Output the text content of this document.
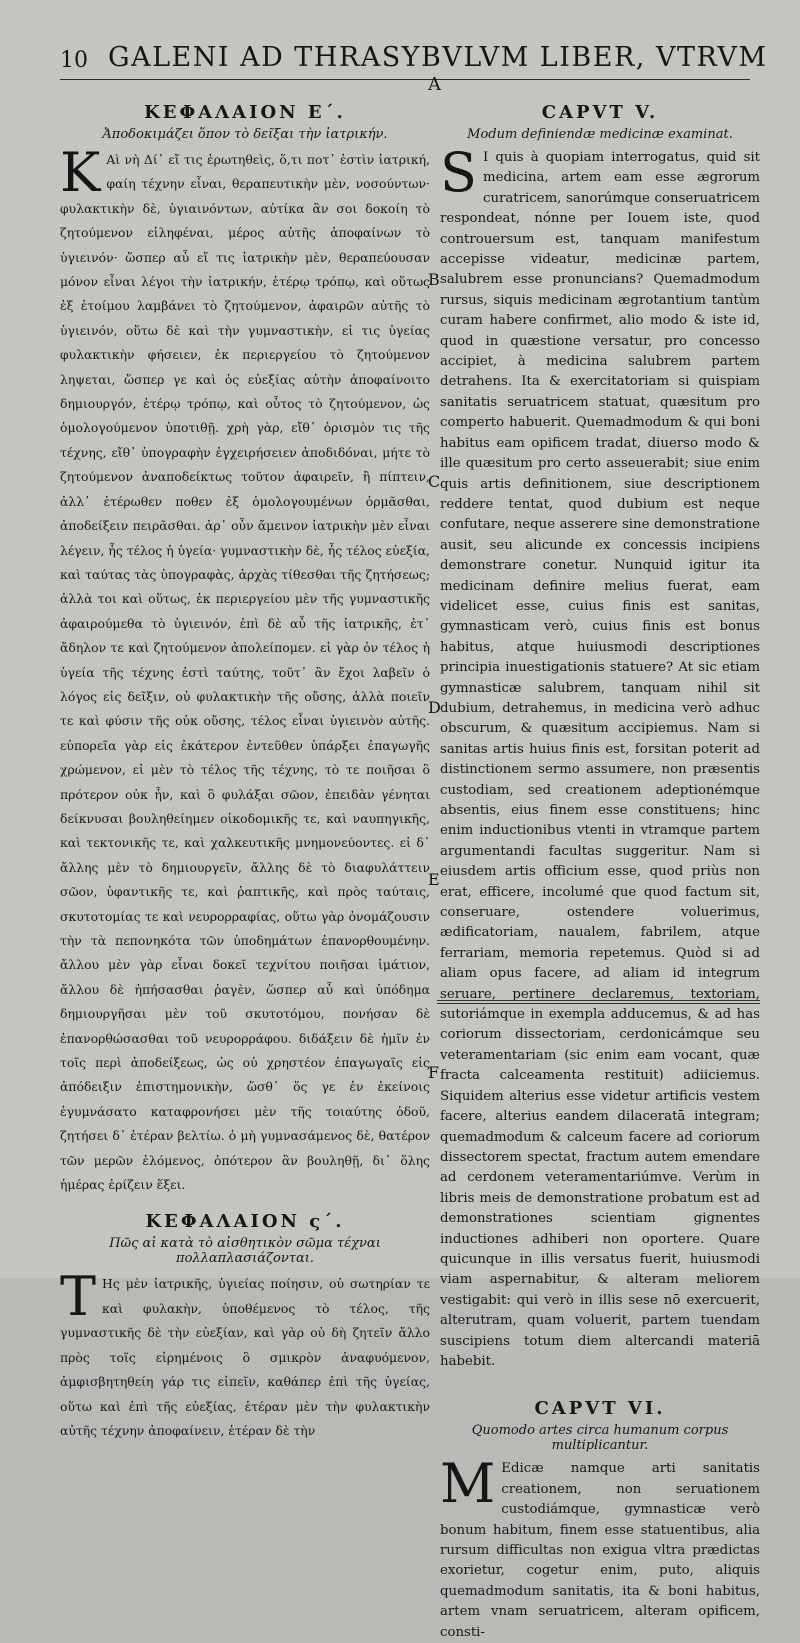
10 GALENI AD THRASYBVLVM LIBER, VTRVM
A
ΚΕΦΑΛΑΙΟΝ Ε΄.

Ἀποδοκιμάζει ὅπον τὸ δεῖξαι τὴν ἰατρικήν.

Κ Αὶ νὴ Δί᾽ εἴ τις ἐρωτηθεὶς, ὅ,τι ποτ᾽ ἐστὶν ἰατρική, φαίη τέχνην εἶναι, θεραπευτικὴν μὲν, νοσούντων· φυλακτικὴν δὲ, ὑγιαινόντων, αὐτίκα ἂν σοι δοκοίη τὸ ζητούμενον εἰληφέναι, μέρος αὐτῆς ἀποφαίνων τὸ ὑγιεινόν· ὥσπερ αὖ εἴ τις ἰατρικὴν μὲν, θεραπεύουσαν μόνον εἶναι λέγοι τὴν ἰατρικήν, ἑτέρῳ τρόπῳ, καὶ οὕτως ἐξ ἑτοίμου λαμβάνει τὸ ζητούμενον, ἀφαιρῶν αὐτῆς τὸ ὑγιεινόν, οὕτω δὲ καὶ τὴν γυμναστικὴν, εἰ τις ὑγείας φυλακτικὴν φήσειεν, ἐκ περιεργείου τὸ ζητούμενον ληψεται, ὥσπερ γε καὶ ὁς εὐεξίας αὐτὴν ἀποφαίνοιτο δημιουργόν, ἑτέρῳ τρόπῳ, καὶ οὗτος τὸ ζητούμενον, ὡς ὁμολογούμενον ὑποτιθῇ. χρὴ γὰρ, εἴθ᾽ ὁρισμὸν τις τῆς τέχνης, εἴθ᾽ ὑπογραφὴν ἐγχειρήσειεν ἀποδιδόναι, μήτε τὸ ζητούμενον ἀναποδείκτως τοῦτον ἀφαιρεῖν, ἢ πίπτειν, ἀλλ᾽ ἑτέρωθεν ποθεν ἐξ ὁμολογουμένων ὁρμᾶσθαι, ἀποδείξειν πειρᾶσθαι. ἀρ᾽ οὖν ἄμεινον ἰατρικὴν μὲν εἶναι λέγειν, ἧς τέλος ἡ ὑγεία· γυμναστικὴν δὲ, ἧς τέλος εὐεξία, καὶ ταύτας τὰς ὑπογραφὰς, ἀρχὰς τίθεσθαι τῆς ζητήσεως; ἀλλὰ τοι καὶ οὕτως, ἐκ περιεργείου μὲν τῆς γυμναστικῆς ἀφαιρούμεθα τὸ ὑγιεινόν, ἐπὶ δὲ αὖ τῆς ἰατρικῆς, ἐτ᾽ ἄδηλον τε καὶ ζητούμενον ἀπολείπομεν. εἰ γὰρ ὁν τέλος ἡ ὑγεία τῆς τέχνης ἐστὶ ταύτης, τοῦτ᾽ ἂν ἔχοι λαβεῖν ὁ λόγος εἰς δεῖξιν, οὐ φυλακτικὴν τῆς οὔσης, ἀλλὰ ποιεῖν τε καὶ φύσιν τῆς οὐκ οὔσης, τέλος εἶναι ὑγιεινὸν αὐτῆς. εὐπορεῖα γὰρ εἰς ἐκάτερον ἐντεῦθεν ὑπάρξει ἐπαγωγῆς χρώμενον, εἰ μὲν τὸ τέλος τῆς τέχνης, τὸ τε ποιῆσαι ὃ πρότερον οὐκ ἦν, καὶ ὃ φυλάξαι σῶον, ἐπειδὰν γένηται δείκνυσαι βουληθείημεν οἰκοδομικῆς τε, καὶ ναυπηγικῆς, καὶ τεκτονικῆς τε, καὶ χαλκευτικῆς μνημονεύοντες. εἰ δ᾽ ἄλλης μὲν τὸ δημιουργεῖν, ἄλλης δὲ τὸ διαφυλάττειν σῶον, ὑφαντικῆς τε, καὶ ῥαπτικῆς, καὶ πρὸς ταύταις, σκυτοτομίας τε καὶ νευρορραφίας, οὕτω γὰρ ὀνομάζουσιν τὴν τὰ πεπονηκότα τῶν ὑποδημάτων ἐπανορθουμένην. ἄλλου μὲν γὰρ εἶναι δοκεῖ τεχνίτου ποιῆσαι ἱμάτιον, ἄλλου δὲ ἠπήσασθαι ῥαγὲν, ὥσπερ αὖ καὶ ὑπόδημα δημιουργῆσαι μὲν τοῦ σκυτοτόμου, πονήσαν δὲ ἐπανορθώσασθαι τοῦ νευρορράφου. διδάξειν δὲ ἡμῖν ἐν τοῖς περὶ ἀποδείξεως, ὡς οὐ χρηστέον ἐπαγωγαῖς εἰς ἀπόδειξιν ἐπιστημονικὴν, ὥσθ᾽ ὅς γε ἐν ἐκείνοις ἐγυμνάσατο καταφρονήσει μὲν τῆς τοιαύτης ὁδοῦ, ζητήσει δ᾽ ἑτέραν βελτίω. ὁ μὴ γυμνασάμενος δὲ, θατέρον τῶν μερῶν ἑλόμενος, ὁπότερον ἂν βουληθῇ, δι᾽ ὅλης ἡμέρας ἐρίζειν ἕξει.

ΚΕΦΑΛΑΙΟΝ ς΄.

Πῶς αἱ κατὰ τὸ αἰσθητικὸν σῶμα τέχναι πολλαπλασιάζονται.

Τ Ης μὲν ἰατρικῆς, ὑγιείας ποίησιν, οὐ σωτηρίαν τε καὶ φυλακὴν, ὑποθέμενος τὸ τέλος, τῆς γυμναστικῆς δὲ τὴν εὐεξίαν, καὶ γὰρ οὐ δὴ ζητεῖν ἄλλο πρὸς τοῖς εἰρημένοις ὃ σμικρὸν ἀναφυόμενον, ἀμφισβητηθείη γάρ τις εἰπεῖν, καθάπερ ἐπὶ τῆς ὑγείας, οὕτω καὶ ἐπὶ τῆς εὐεξίας, ἑτέραν μὲν τὴν φυλακτικὴν αὐτῆς τέχνην ἀποφαίνειν, ἑτέραν δὲ τὴν

B
C
D
E
F
CAPVT V.

Modum definiendæ medicinæ examinat.

S I quis à quopiam interrogatus, quid sit medicina, artem eam esse ægrorum curatricem, sanorúmque conseruatricem respondeat, nónne per Iouem iste, quod controuersum est, tanquam manifestum accepisse videatur, medicinæ partem, salubrem esse pronuncians? Quemadmodum rursus, siquis medicinam ægrotantium tantùm curam habere confirmet, alio modo & iste id, quod in quæstione versatur, pro concesso accipiet, à medicina salubrem partem detrahens. Ita & exercitatoriam si quispiam sanitatis seruatricem statuat, quæsitum pro comperto habuerit. Quemadmodum & qui boni habitus eam opificem tradat, diuerso modo & ille quæsitum pro certo asseuerabit; siue enim quis artis definitionem, siue descriptionem reddere tentat, quod dubium est neque confutare, neque asserere sine demonstratione ausit, seu alicunde ex concessis incipiens demonstrare conetur. Nunquid igitur ita medicinam definire melius fuerat, eam videlicet esse, cuius finis est sanitas, gymnasticam verò, cuius finis est bonus habitus, atque huiusmodi descriptiones principia inuestigationis statuere? At sic etiam gymnasticæ salubrem, tanquam nihil sit dubium, detrahemus, in medicina verò adhuc obscurum, & quæsitum accipiemus. Nam si sanitas artis huius finis est, forsitan poterit ad distinctionem sermo assumere, non præsentis custodiam, sed creationem adeptionémque absentis, eius finem esse constituens; hinc enim inductionibus vtenti in vtramque partem argumentandi facultas suggeritur. Nam si eiusdem artis officium esse, quod priùs non erat, efficere, incolumé que quod factum sit, conseruare, ostendere voluerimus, ædificatoriam, naualem, fabrilem, atque ferrariam, memoria repetemus. Quòd si ad aliam opus facere, ad aliam id integrum seruare, pertinere declaremus, textoriam, sutoriámque in exempla adducemus, & ad has coriorum dissectoriam, cerdonicámque seu veteramentariam (sic enim eam vocant, quæ fracta calceamenta restituit) adiiciemus. Siquidem alterius esse videtur artificis vestem facere, alterius eandem dilaceratā integram; quemadmodum & calceum facere ad coriorum dissectorem spectat, fractum autem emendare ad cerdonem veteramentariúmve. Verùm in libris meis de demonstratione probatum est ad demonstrationes scientiam gignentes inductiones adhiberi non oportere. Quare quicunque in illis versatus fuerit, huiusmodi viam aspernabitur, & alteram meliorem vestigabit: qui verò in illis sese nō exercuerit, alterutram, quam voluerit, partem tuendam suscipiens totum diem altercandi materiā habebit.

CAPVT VI.

Quomodo artes circa humanum corpus multiplicantur.

M Edicæ namque arti sanitatis creationem, non seruationem custodiámque, gymnasticæ verò bonum habitum, finem esse statuentibus, alia rursum difficultas non exigua vltra prædictas exorietur, cogetur enim, puto, aliquis quemadmodum sanitatis, ita & boni habitus, artem vnam seruatricem, alteram opificem, consti-
